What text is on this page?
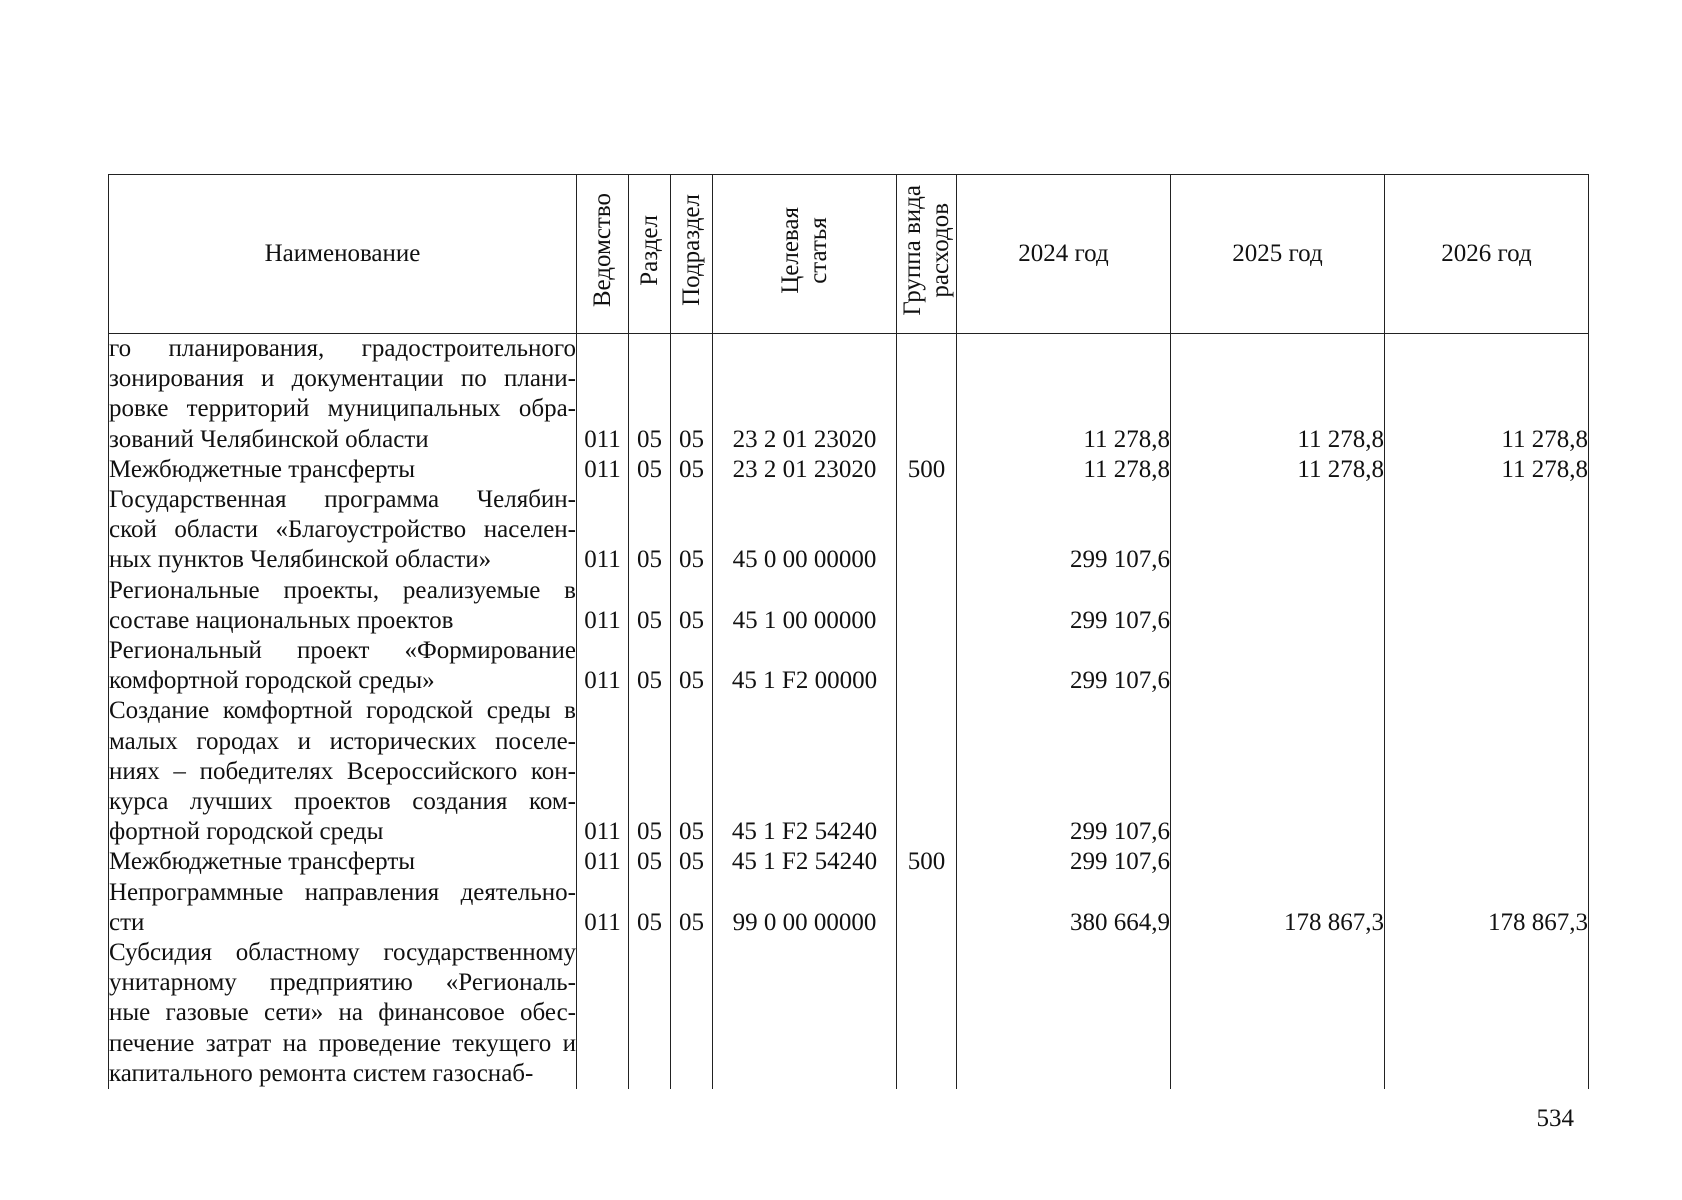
Наименование	Ведомство	Раздел	Подраздел	Целевая
статья	Группа вида
расходов	2024 год	2025 год	2026 год

го планирования, градостроительного
зонирования и документации по плани-
ровке территорий муниципальных обра-
зований Челябинской области	011	05	05	23 2 01 23020		11 278,8	11 278,8	11 278,8

Межбюджетные трансферты	011	05	05	23 2 01 23020	500	11 278,8	11 278,8	11 278,8

Государственная программа Челябин-
ской области «Благоустройство населен-
ных пунктов Челябинской области»	011	05	05	45 0 00 00000		299 107,6		

Региональные проекты, реализуемые в
составе национальных проектов	011	05	05	45 1 00 00000		299 107,6		

Региональный проект «Формирование
комфортной городской среды»	011	05	05	45 1 F2 00000		299 107,6		

Создание комфортной городской среды в
малых городах и исторических поселе-
ниях – победителях Всероссийского кон-
курса лучших проектов создания ком-
фортной городской среды	011	05	05	45 1 F2 54240		299 107,6		

Межбюджетные трансферты	011	05	05	45 1 F2 54240	500	299 107,6		

Непрограммные направления деятельно-
сти	011	05	05	99 0 00 00000		380 664,9	178 867,3	178 867,3

Субсидия областному государственному
унитарному предприятию «Региональ-
ные газовые сети» на финансовое обес-
печение затрат на проведение текущего и
капитального ремонта систем газоснаб-								

534
